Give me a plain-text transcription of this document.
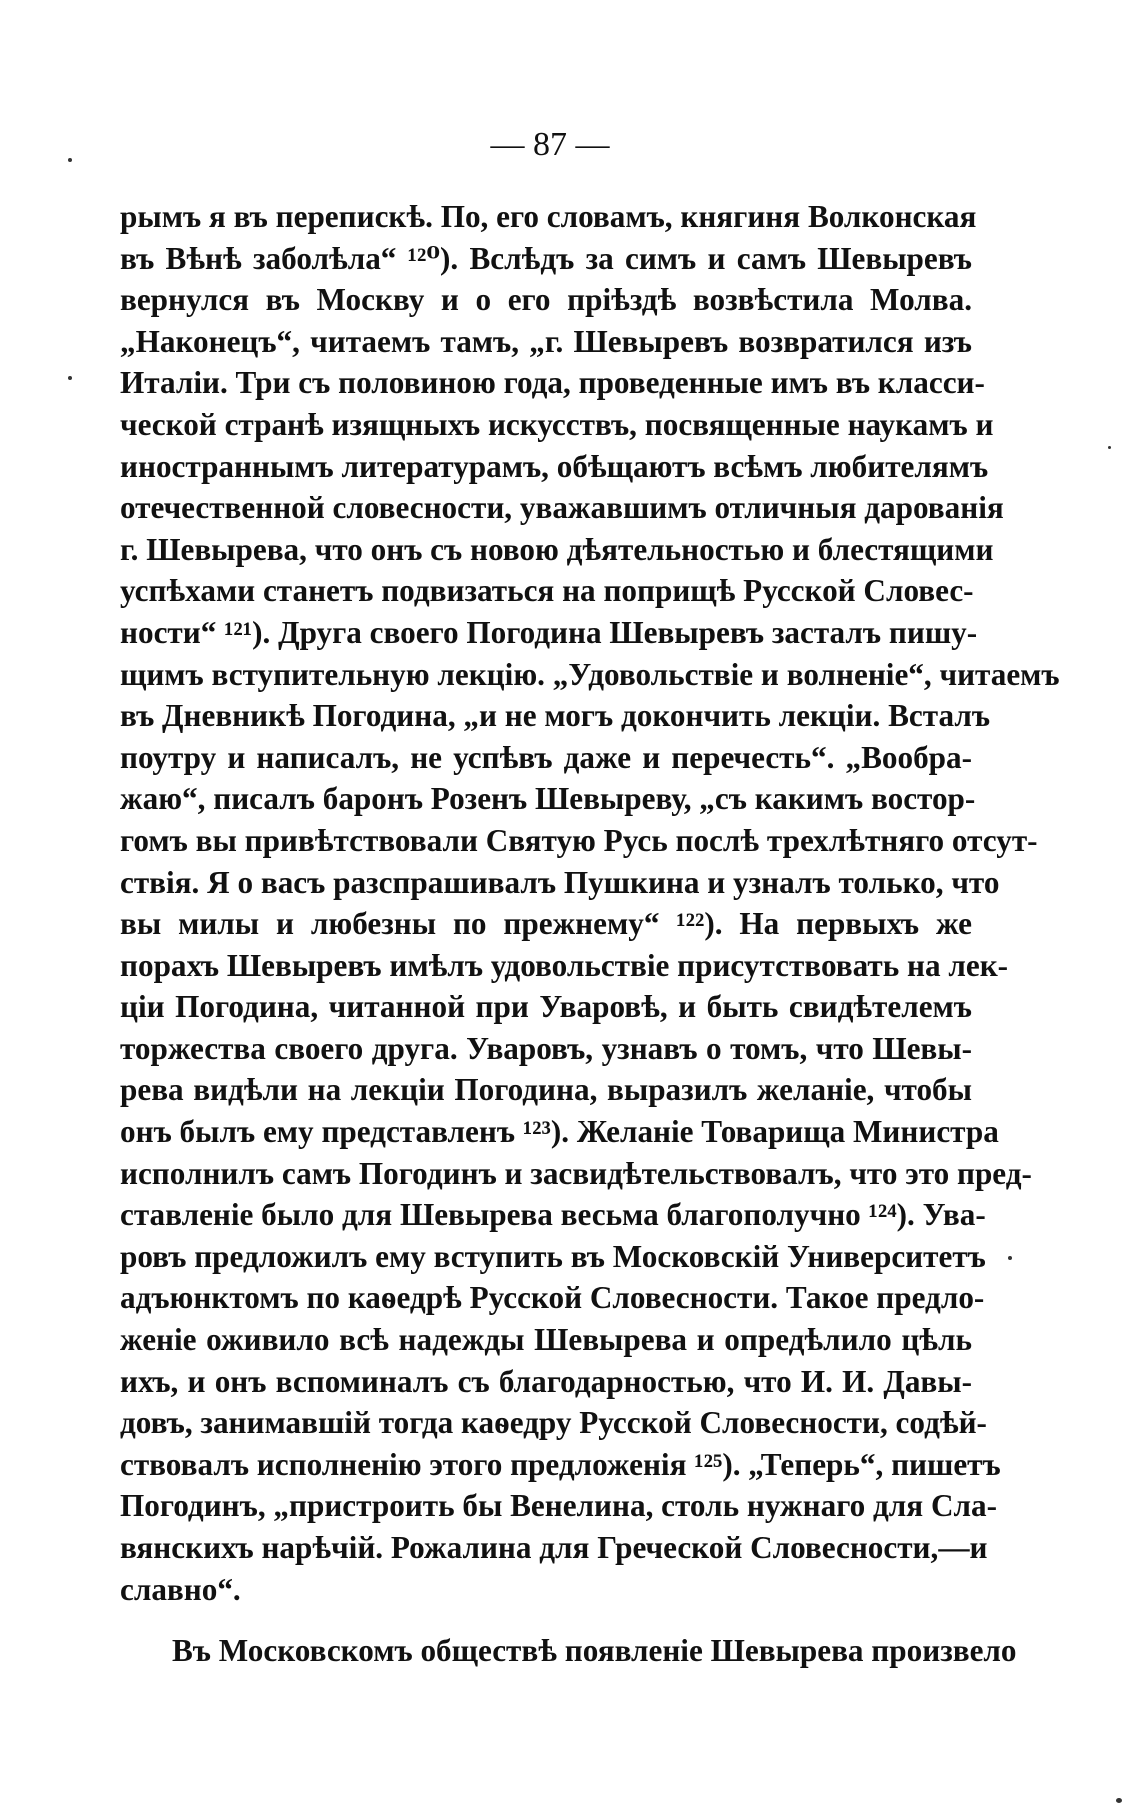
— 87 —
рымъ я въ перепискѣ. По, его словамъ, княгиня Волконская
въ Вѣнѣ заболѣла“ ¹²⁰). Вслѣдъ за симъ и самъ Шевыревъ
вернулся въ Москву и о его пріѣздѣ возвѣстила Молва.
„Наконецъ“, читаемъ тамъ, „г. Шевыревъ возвратился изъ
Италіи. Три съ половиною года, проведенные имъ въ класси-
ческой странѣ изящныхъ искусствъ, посвященные наукамъ и
иностраннымъ литературамъ, обѣщаютъ всѣмъ любителямъ
отечественной словесности, уважавшимъ отличныя дарованія
г. Шевырева, что онъ съ новою дѣятельностью и блестящими
успѣхами станетъ подвизаться на поприщѣ Русской Словес-
ности“ ¹²¹). Друга своего Погодина Шевыревъ засталъ пишу-
щимъ вступительную лекцію. „Удовольствіе и волненіе“, читаемъ
въ Дневникѣ Погодина, „и не могъ докончить лекціи. Всталъ
поутру и написалъ, не успѣвъ даже и перечесть“. „Вообра-
жаю“, писалъ баронъ Розенъ Шевыреву, „съ какимъ востор-
гомъ вы привѣтствовали Святую Русь послѣ трехлѣтняго отсут-
ствія. Я о васъ разспрашивалъ Пушкина и узналъ только, что
вы милы и любезны по прежнему“ ¹²²). На первыхъ же
порахъ Шевыревъ имѣлъ удовольствіе присутствовать на лек-
ціи Погодина, читанной при Уваровѣ, и быть свидѣтелемъ
торжества своего друга. Уваровъ, узнавъ о томъ, что Шевы-
рева видѣли на лекціи Погодина, выразилъ желаніе, чтобы
онъ былъ ему представленъ ¹²³). Желаніе Товарища Министра
исполнилъ самъ Погодинъ и засвидѣтельствовалъ, что это пред-
ставленіе было для Шевырева весьма благополучно ¹²⁴). Ува-
ровъ предложилъ ему вступить въ Московскій Университетъ
адъюнктомъ по каѳедрѣ Русской Словесности. Такое предло-
женіе оживило всѣ надежды Шевырева и опредѣлило цѣль
ихъ, и онъ вспоминалъ съ благодарностью, что И. И. Давы-
довъ, занимавшій тогда каѳедру Русской Словесности, содѣй-
ствовалъ исполненію этого предложенія ¹²⁵). „Теперь“, пишетъ
Погодинъ, „пристроить бы Венелина, столь нужнаго для Сла-
вянскихъ нарѣчій. Рожалина для Греческой Словесности,—и
славно“.
Въ Московскомъ обществѣ появленіе Шевырева произвело
